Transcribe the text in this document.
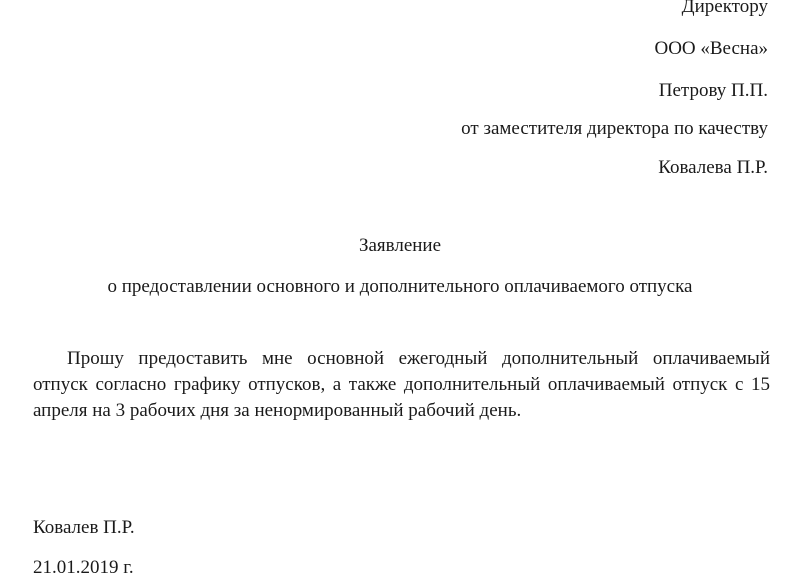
Директору
ООО «Весна»
Петрову П.П.
от заместителя директора по качеству
Ковалева П.Р.
Заявление
о предоставлении основного и дополнительного оплачиваемого отпуска
Прошу предоставить мне основной ежегодный дополнительный оплачиваемый отпуск согласно графику отпусков, а также дополнительный оплачиваемый отпуск с 15 апреля на 3 рабочих дня за ненормированный рабочий день.
Ковалев П.Р.
21.01.2019 г.
